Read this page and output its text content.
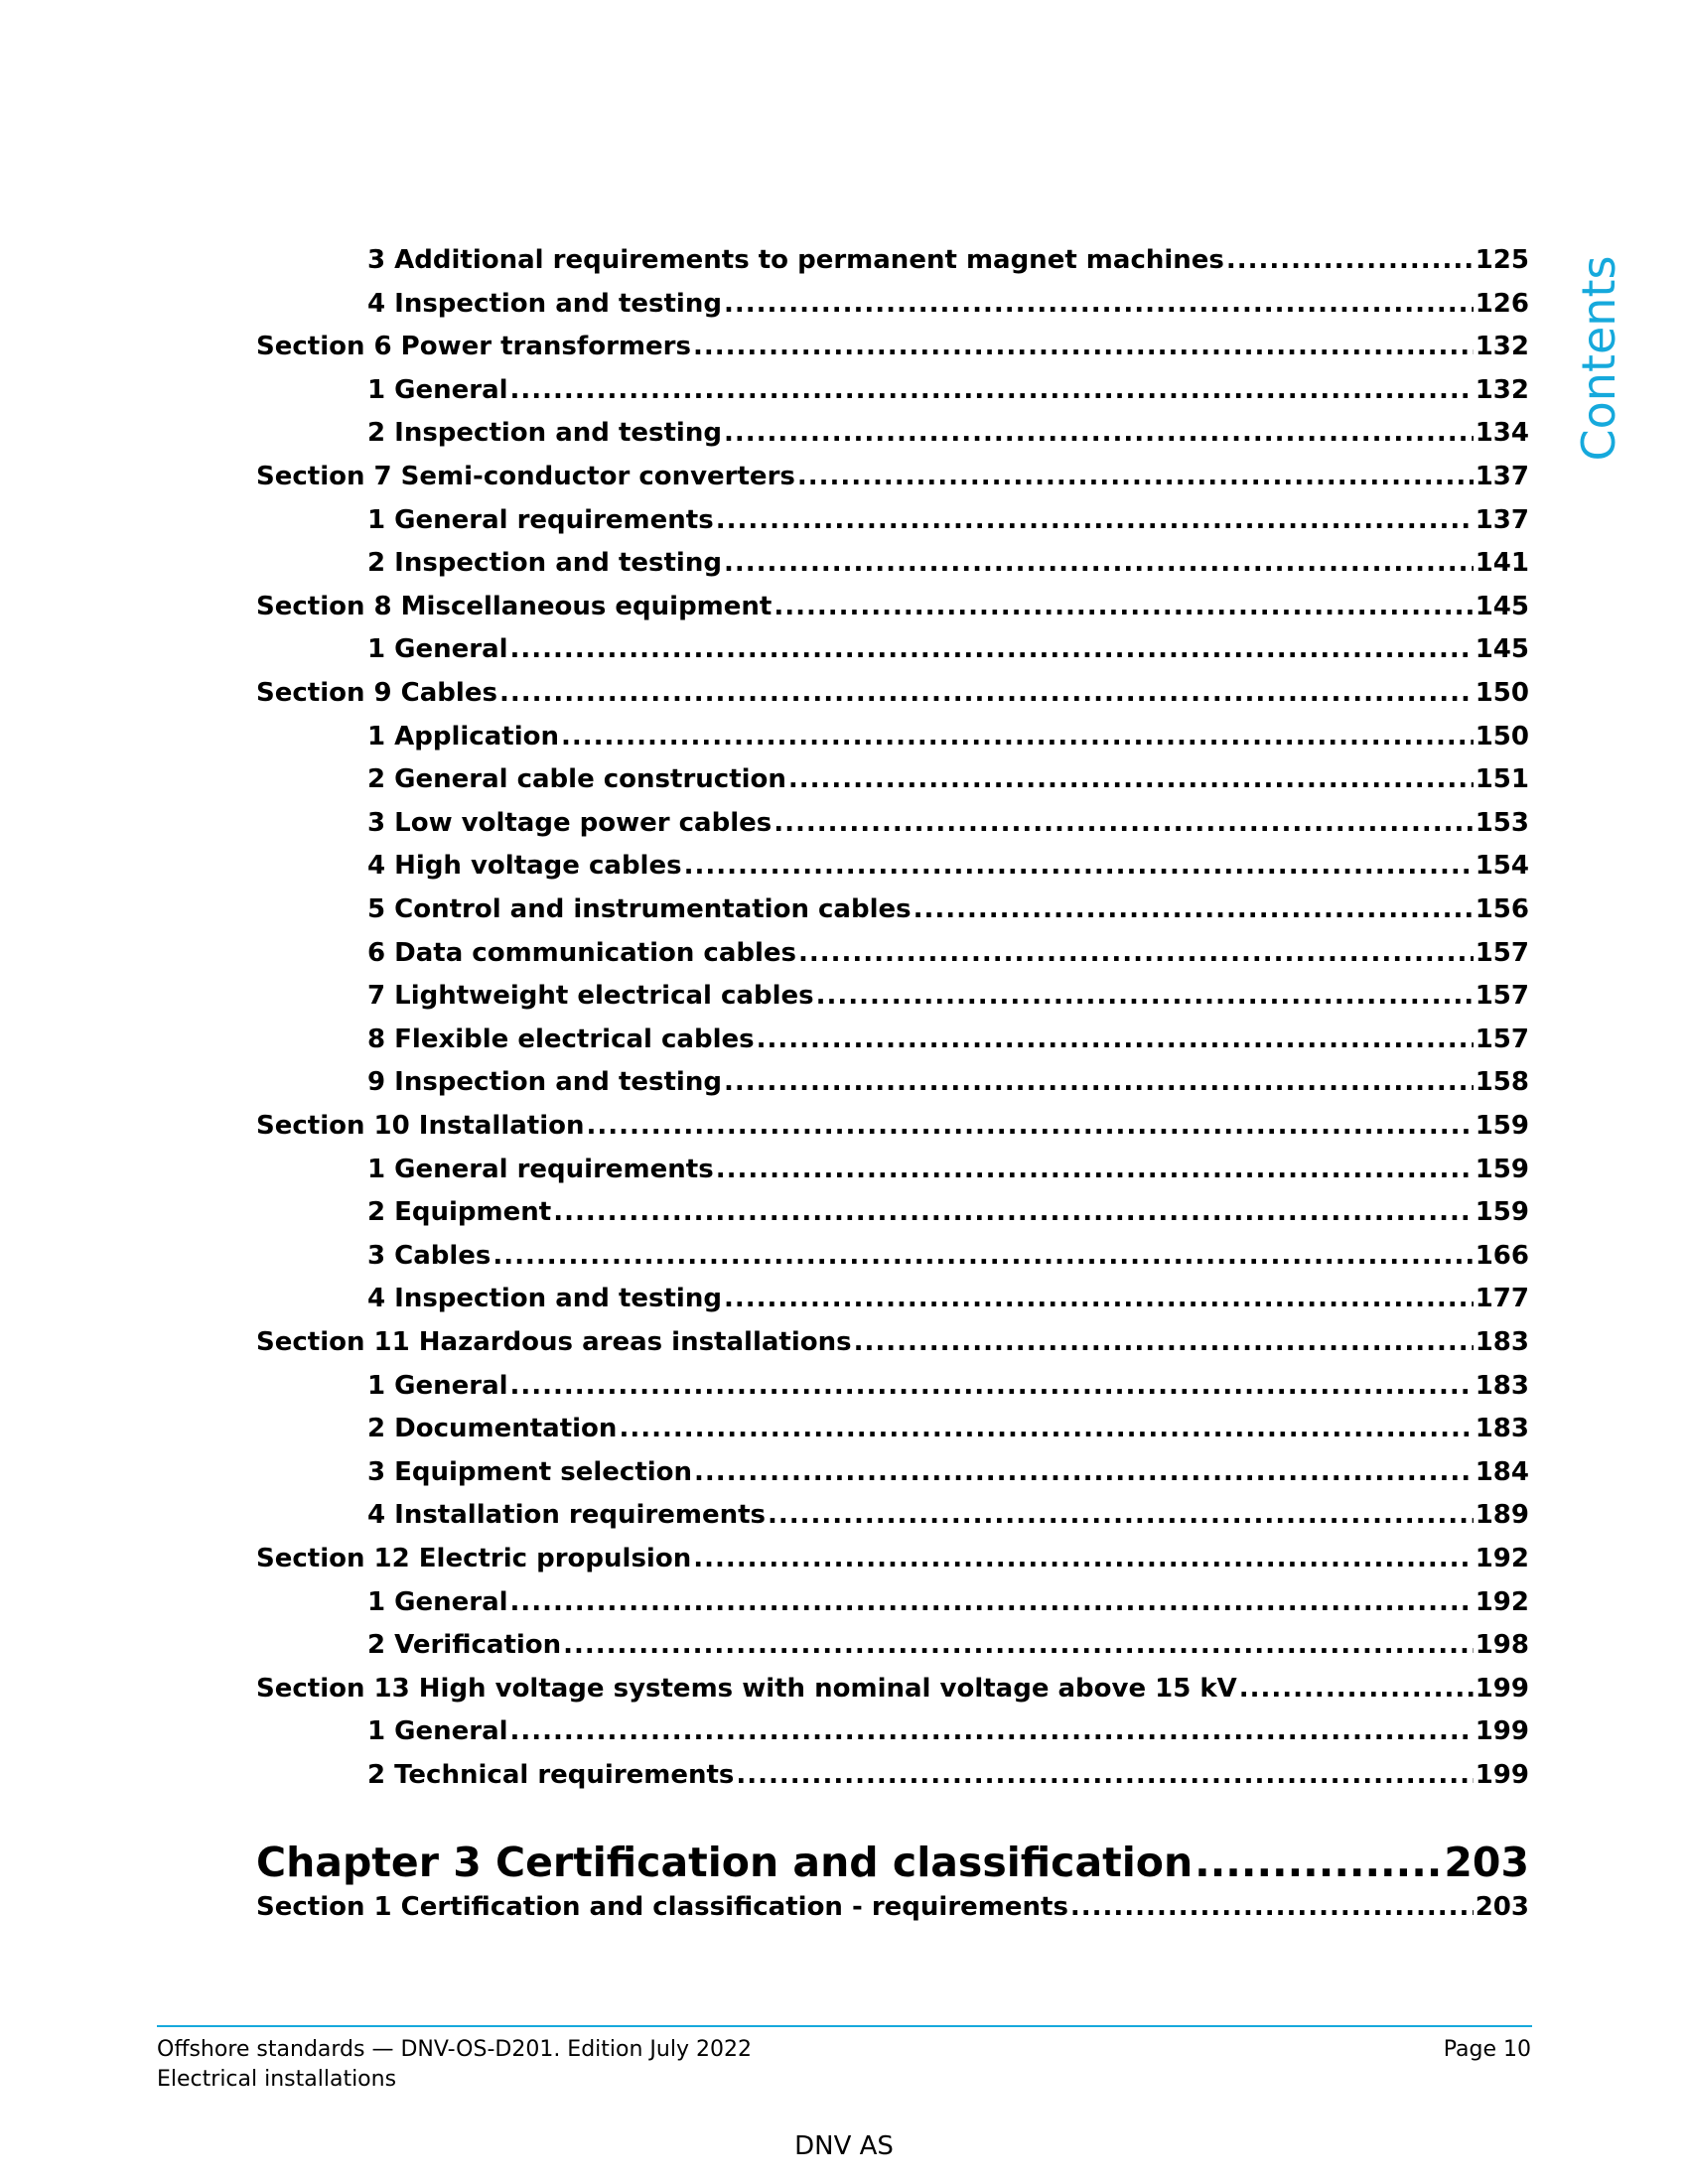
Contents
3 Additional requirements to permanent magnet machines .....	125
4 Inspection and testing .....	126
Section 6 Power transformers .....	132
1 General .....	132
2 Inspection and testing .....	134
Section 7 Semi-conductor converters .....	137
1 General requirements .....	137
2 Inspection and testing .....	141
Section 8 Miscellaneous equipment .....	145
1 General .....	145
Section 9 Cables .....	150
1 Application .....	150
2 General cable construction .....	151
3 Low voltage power cables .....	153
4 High voltage cables .....	154
5 Control and instrumentation cables .....	156
6 Data communication cables .....	157
7 Lightweight electrical cables .....	157
8 Flexible electrical cables .....	157
9 Inspection and testing .....	158
Section 10 Installation .....	159
1 General requirements .....	159
2 Equipment .....	159
3 Cables .....	166
4 Inspection and testing .....	177
Section 11 Hazardous areas installations .....	183
1 General .....	183
2 Documentation .....	183
3 Equipment selection .....	184
4 Installation requirements .....	189
Section 12 Electric propulsion .....	192
1 General .....	192
2 Verification .....	198
Section 13 High voltage systems with nominal voltage above 15 kV .....	199
1 General .....	199
2 Technical requirements .....	199
Chapter 3 Certification and classification .....	203
Section 1 Certification and classification - requirements .....	203
Offshore standards — DNV-OS-D201. Edition July 2022
Electrical installations
Page 10
DNV AS
